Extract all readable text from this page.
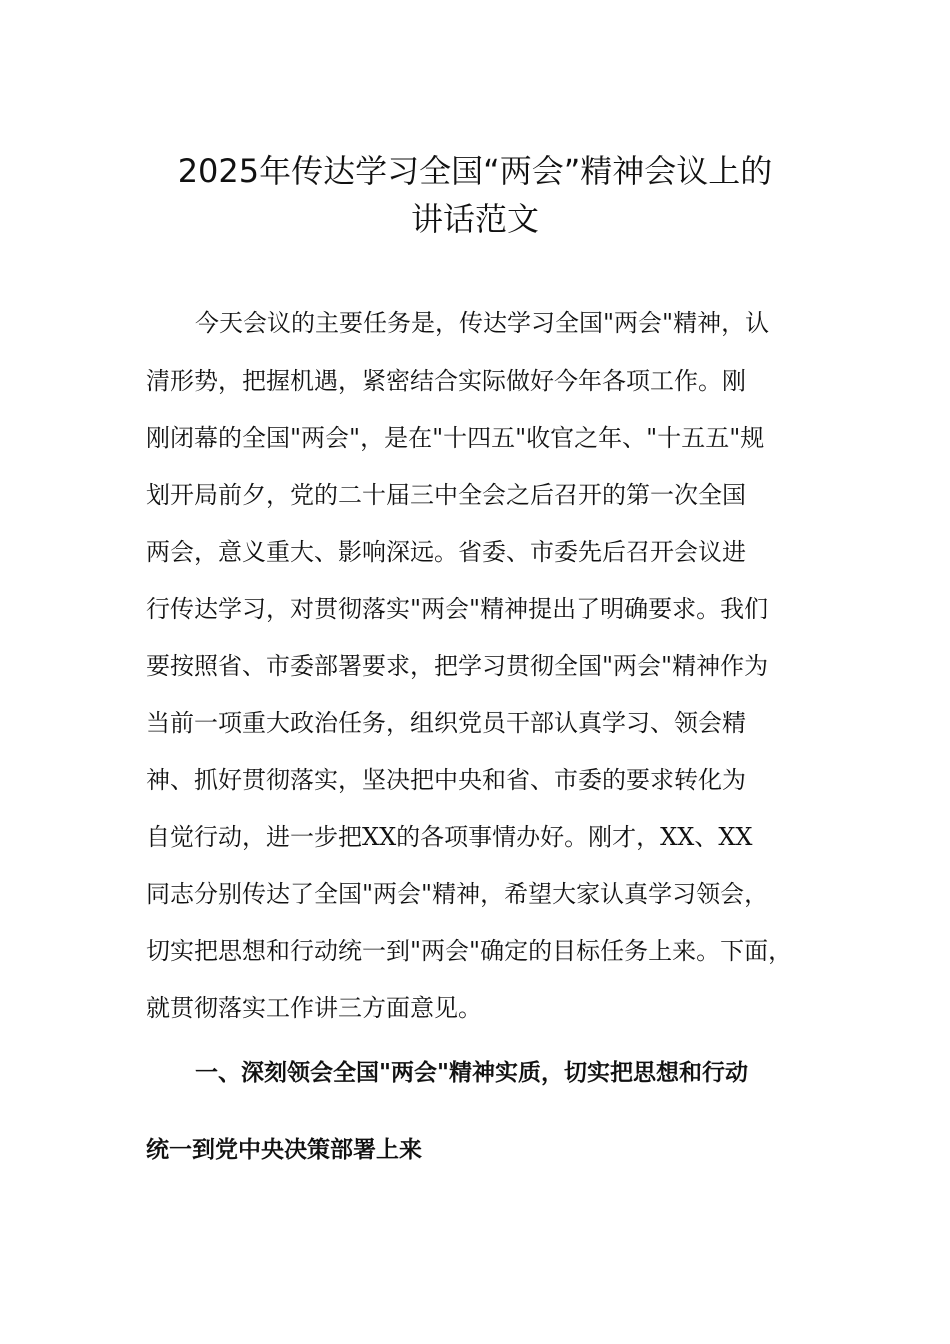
2025年传达学习全国“两会”精神会议上的
讲话范文

今天会议的主要任务是，传达学习全国"两会"精神，认

清形势，把握机遇，紧密结合实际做好今年各项工作。刚

刚闭幕的全国"两会"，是在"十四五"收官之年、"十五五"规

划开局前夕，党的二十届三中全会之后召开的第一次全国

两会，意义重大、影响深远。省委、市委先后召开会议进

行传达学习，对贯彻落实"两会"精神提出了明确要求。我们

要按照省、市委部署要求，把学习贯彻全国"两会"精神作为

当前一项重大政治任务，组织党员干部认真学习、领会精

神、抓好贯彻落实，坚决把中央和省、市委的要求转化为

自觉行动，进一步把XX的各项事情办好。刚才，XX、XX

同志分别传达了全国"两会"精神，希望大家认真学习领会，

切实把思想和行动统一到"两会"确定的目标任务上来。下面，

就贯彻落实工作讲三方面意见。

一、深刻领会全国"两会"精神实质，切实把思想和行动

统一到党中央决策部署上来
